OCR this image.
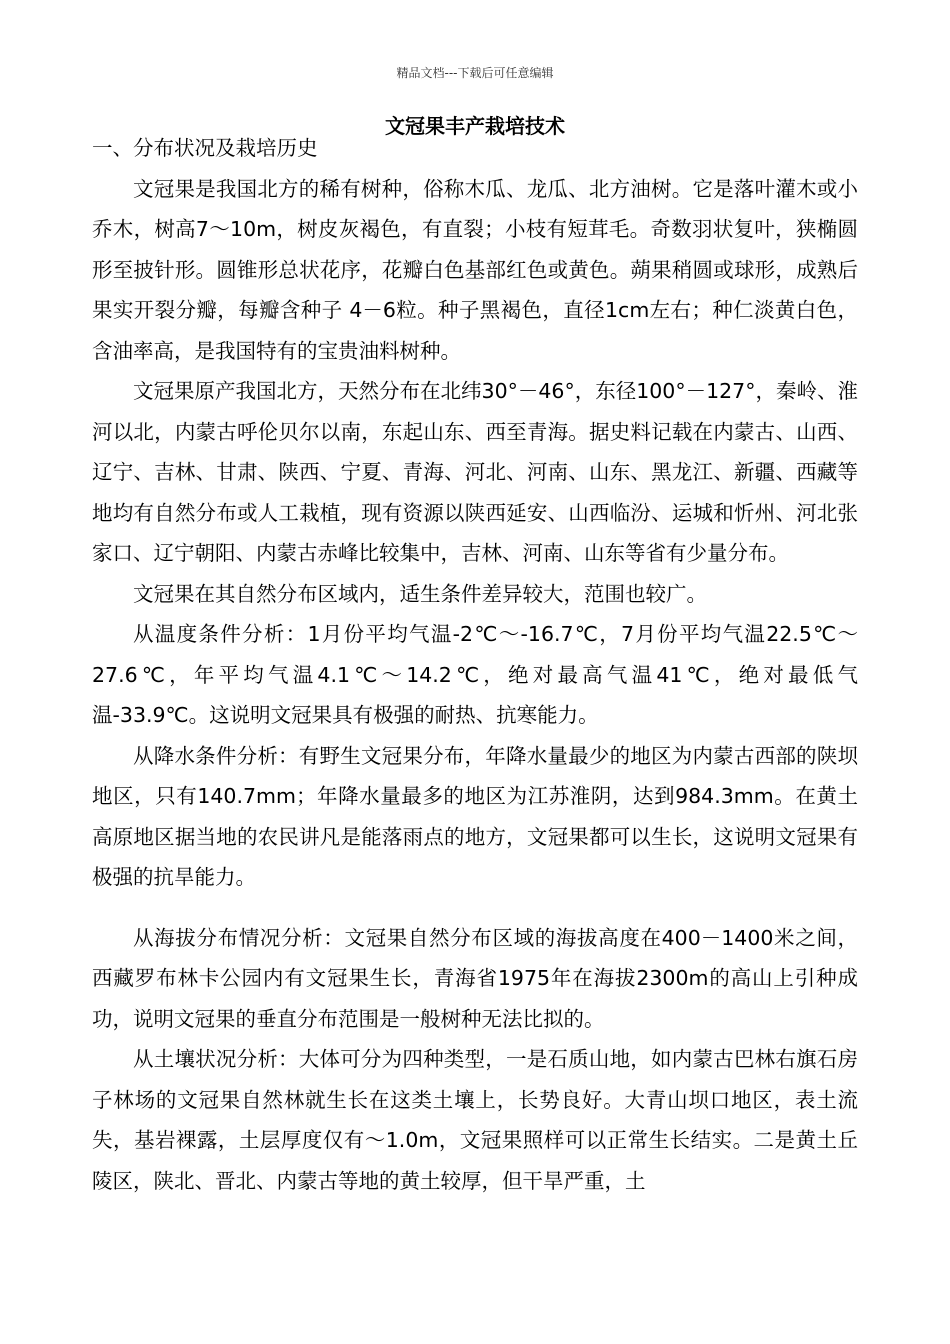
精品文档---下载后可任意编辑
文冠果丰产栽培技术
一、分布状况及栽培历史

文冠果是我国北方的稀有树种，俗称木瓜、龙瓜、北方油树。它是落叶灌木或小乔木，树高7～10m，树皮灰褐色，有直裂；小枝有短茸毛。奇数羽状复叶，狭椭圆形至披针形。圆锥形总状花序，花瓣白色基部红色或黄色。蒴果稍圆或球形，成熟后果实开裂分瓣，每瓣含种子 4－6粒。种子黑褐色，直径1cm左右；种仁淡黄白色，含油率高，是我国特有的宝贵油料树种。

文冠果原产我国北方，天然分布在北纬30°－46°，东径100°－127°，秦岭、淮河以北，内蒙古呼伦贝尔以南，东起山东、西至青海。据史料记载在内蒙古、山西、辽宁、吉林、甘肃、陕西、宁夏、青海、河北、河南、山东、黑龙江、新疆、西藏等地均有自然分布或人工栽植，现有资源以陕西延安、山西临汾、运城和忻州、河北张家口、辽宁朝阳、内蒙古赤峰比较集中，吉林、河南、山东等省有少量分布。

文冠果在其自然分布区域内，适生条件差异较大，范围也较广。

从温度条件分析：1月份平均气温-2℃～-16.7℃，7月份平均气温22.5℃～27.6℃，年平均气温4.1℃～14.2℃，绝对最高气温41℃，绝对最低气温-33.9℃。这说明文冠果具有极强的耐热、抗寒能力。

从降水条件分析：有野生文冠果分布，年降水量最少的地区为内蒙古西部的陕坝地区，只有140.7mm；年降水量最多的地区为江苏淮阴，达到984.3mm。在黄土高原地区据当地的农民讲凡是能落雨点的地方，文冠果都可以生长，这说明文冠果有极强的抗旱能力。

从海拔分布情况分析：文冠果自然分布区域的海拔高度在400－1400米之间，西藏罗布林卡公园内有文冠果生长，青海省1975年在海拔2300m的高山上引种成功，说明文冠果的垂直分布范围是一般树种无法比拟的。

从土壤状况分析：大体可分为四种类型，一是石质山地，如内蒙古巴林右旗石房子林场的文冠果自然林就生长在这类土壤上，长势良好。大青山坝口地区，表土流失，基岩裸露，土层厚度仅有～1.0m，文冠果照样可以正常生长结实。二是黄土丘陵区，陕北、晋北、内蒙古等地的黄土较厚，但干旱严重，土
